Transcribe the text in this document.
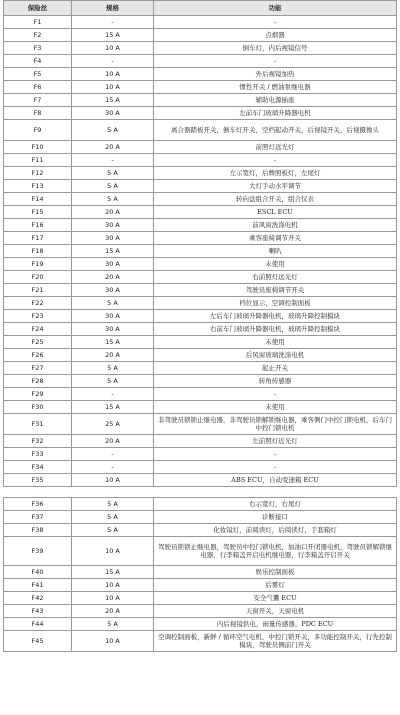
保险丝	规格	功能
F1	-	-
F2	15 A	点烟器
F3	10 A	倒车灯，内后视镜信号
F4	-	-
F5	10 A	外后视镜加热
F6	10 A	惯性开关 / 燃油泵继电器
F7	15 A	辅助电源插座
F8	30 A	左前车门玻璃升降器电机
F9	5 A	离合器踏板开关，倒车灯开关，空档起动开关，后视镜开关，后视摄像头
F10	20 A	前照灯远光灯
F11	-	-
F12	5 A	左示宽灯，后牌照板灯，左尾灯
F13	5 A	大灯手动水平调节
F14	5 A	转向盘组合开关，组合仪表
F15	20 A	ESCL ECU
F16	30 A	前风窗洗涤电机
F17	30 A	乘客座椅调节开关
F18	15 A	喇叭
F19	30 A	未使用
F20	20 A	右前照灯远光灯
F21	30 A	驾驶员座椅调节开关
F22	5 A	档位显示，空调控制面板
F23	30 A	左后车门玻璃升降器电机，玻璃升降控制模块
F24	30 A	右前车门玻璃升降器电机，玻璃升降控制模块
F25	15 A	未使用
F26	20 A	后风窗玻璃洗涤电机
F27	5 A	起止开关
F28	5 A	转角传感器
F29	-	-
F30	15 A	未使用
F31	25 A	非驾驶员锁锁止继电器，非驾驶员锁解锁继电器，乘客侧门中控门锁电机，后车门中控门锁电机
F32	20 A	左前照灯近光灯
F33	-	-
F34	-	-
F35	10 A	ABS ECU，自动变速箱 ECU
F36	5 A	右示宽灯，右尾灯
F37	5 A	诊断接口
F38	5 A	化妆镜灯，前阅读灯，后阅读灯，手套箱灯
F39	10 A	驾驶员锁锁止继电器，驾驶员中控门锁电机，加油口开闭器电机，驾驶员锁解锁继电器，行李箱盖开启电机继电器，行李箱盖开启开关
F40	15 A	娱乐控制面板
F41	10 A	后雾灯
F42	10 A	安全气囊 ECU
F43	20 A	天窗开关，天窗电机
F44	5 A	内后视镜供电，雨量传感器，PDC ECU
F45	10 A	空调控制面板，新鲜 / 循环空气电机，中控门锁开关，多功能控制开关，行先控制模块，驾驶员侧前门开关
